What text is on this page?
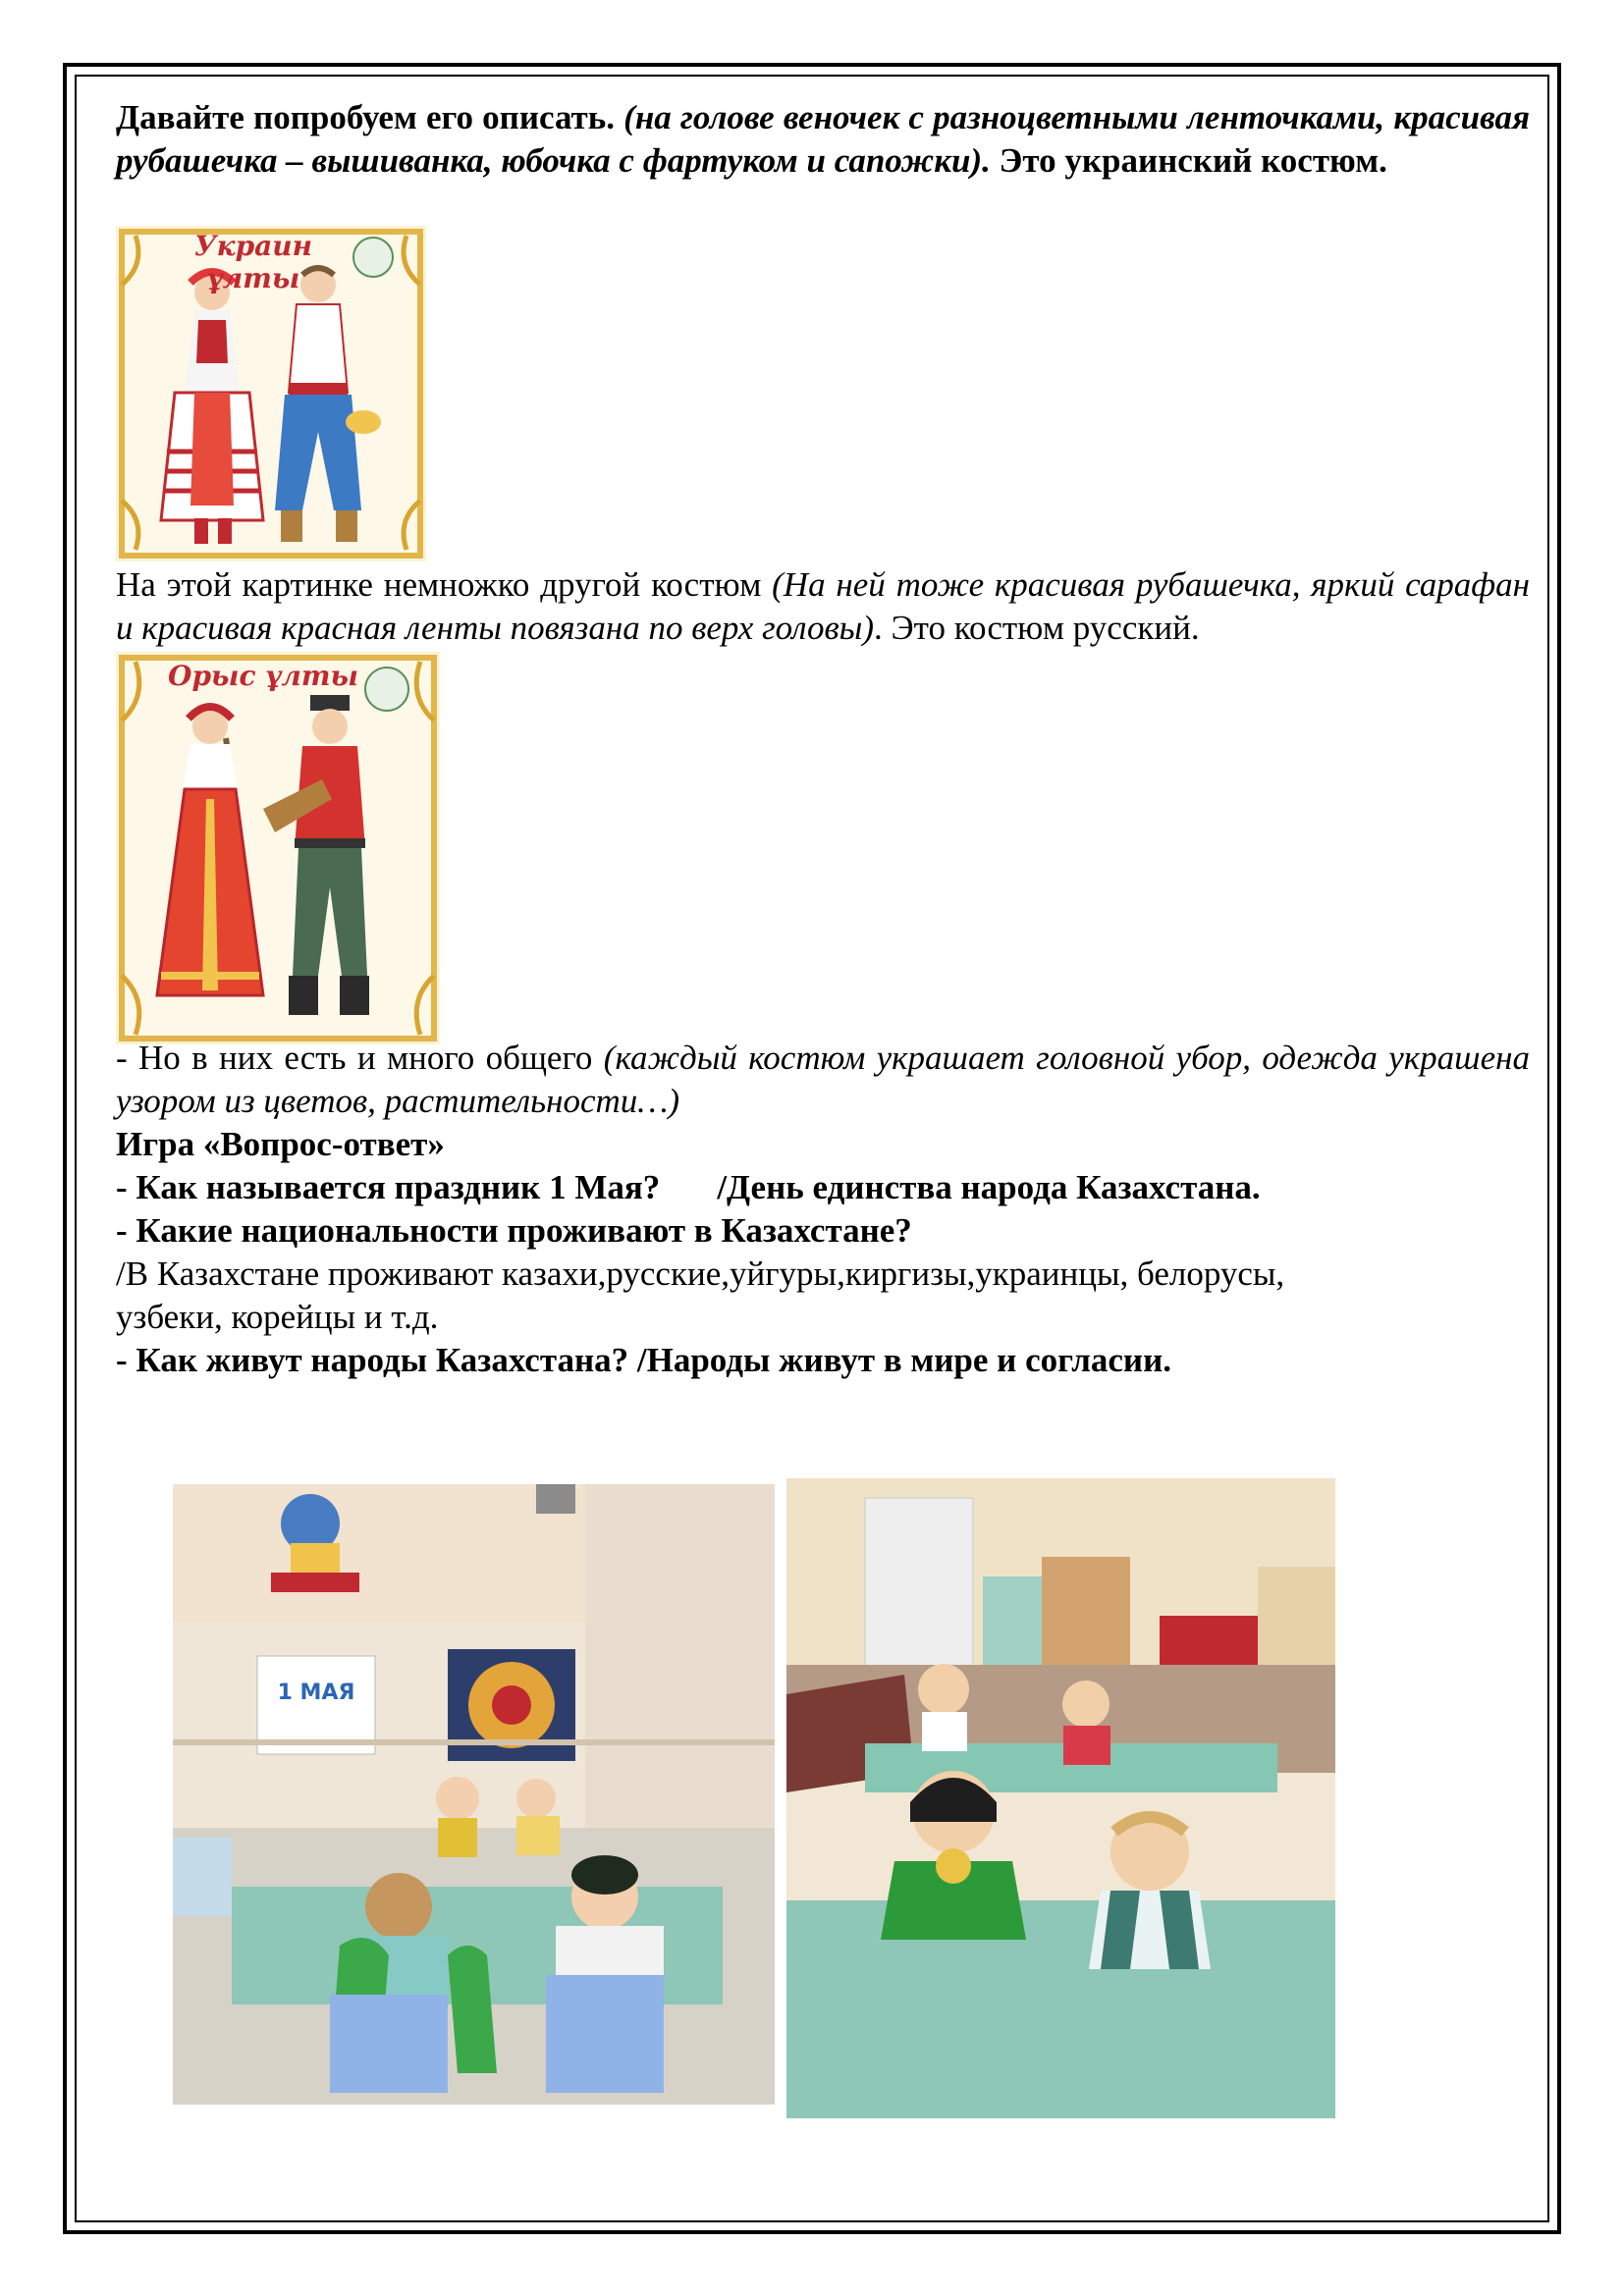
Давайте попробуем его описать. (на голове веночек с разноцветными ленточками, красивая рубашечка – вышиванка, юбочка с фартуком и сапожки). Это украинский костюм.

Украин ұлты

На этой картинке немножко другой костюм (На ней тоже красивая рубашечка, яркий сарафан и красивая красная ленты повязана по верх головы). Это костюм русский.

Орыс ұлты

- Но в них есть и много общего (каждый костюм украшает головной убор, одежда украшена узором из цветов, растительности…)

Игра «Вопрос-ответ»

- Как называется праздник 1 Мая? /День единства народа Казахстана.

- Какие национальности проживают в Казахстане?

/В Казахстане проживают казахи,русские,уйгуры,киргизы,украинцы, белорусы,

узбеки, корейцы и т.д.

- Как живут народы Казахстана? /Народы живут в мире и согласии.

1 МАЯ
